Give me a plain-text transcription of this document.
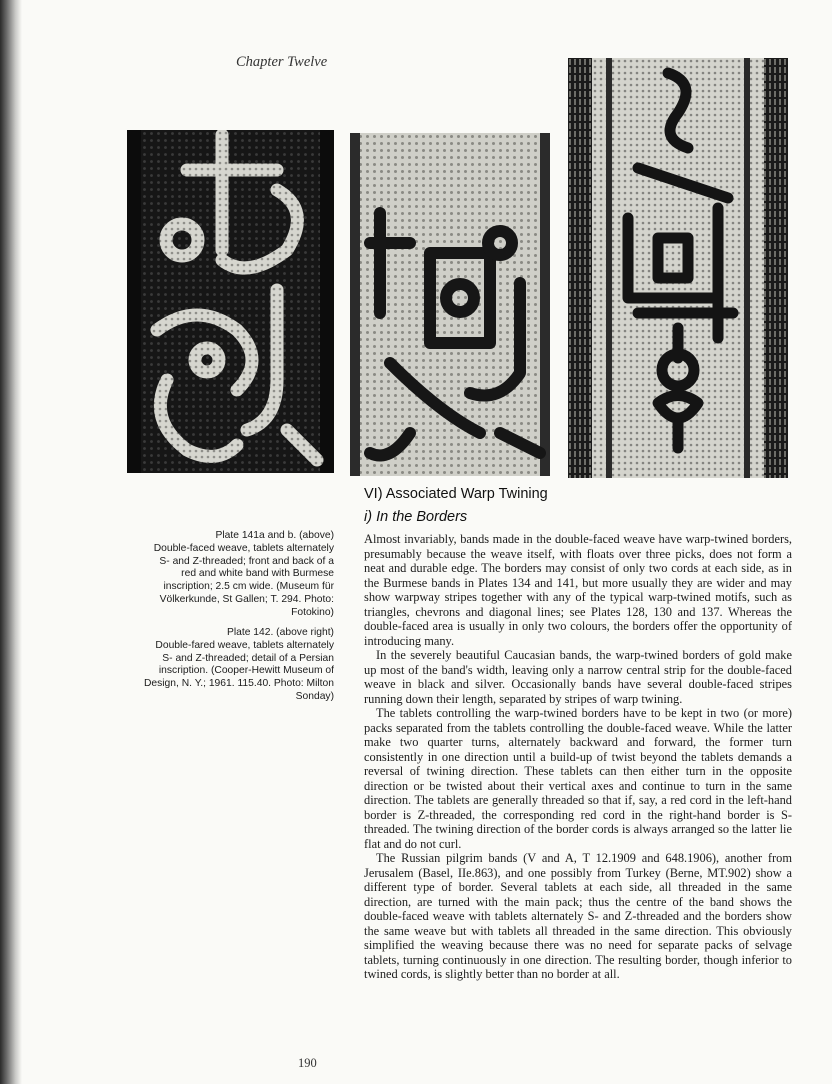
Chapter Twelve
VI) Associated Warp Twining
i) In the Borders

Almost invariably, bands made in the double-faced weave have warp-twined borders, presumably because the weave itself, with floats over three picks, does not form a neat and durable edge. The borders may consist of only two cords at each side, as in the Burmese bands in Plates 134 and 141, but more usually they are wider and may show warpway stripes together with any of the typical warp-twined motifs, such as triangles, chevrons and diagonal lines; see Plates 128, 130 and 137. Whereas the double-faced area is usually in only two colours, the borders offer the opportunity of introducing many.

In the severely beautiful Caucasian bands, the warp-twined borders of gold make up most of the band's width, leaving only a narrow central strip for the double-faced weave in black and silver. Occasionally bands have several double-faced stripes running down their length, separated by stripes of warp twining.

The tablets controlling the warp-twined borders have to be kept in two (or more) packs separated from the tablets controlling the double-faced weave. While the latter make two quarter turns, alternately backward and forward, the former turn consistently in one direction until a build-up of twist beyond the tablets demands a reversal of twining direction. These tablets can then either turn in the opposite direction or be twisted about their vertical axes and continue to turn in the same direction. The tablets are generally threaded so that if, say, a red cord in the left-hand border is Z-threaded, the corresponding red cord in the right-hand border is S-threaded. The twining direction of the border cords is always arranged so the latter lie flat and do not curl.

The Russian pilgrim bands (V and A, T 12.1909 and 648.1906), another from Jerusalem (Basel, IIe.863), and one possibly from Turkey (Berne, MT.902) show a different type of border. Several tablets at each side, all threaded in the same direction, are turned with the main pack; thus the centre of the band shows the double-faced weave with tablets alternately S- and Z-threaded and the borders show the same weave but with tablets all threaded in the same direction. This obviously simplified the weaving because there was no need for separate packs of selvage tablets, turning continuously in one direction. The resulting border, though inferior to twined cords, is slightly better than no border at all.

Plate 141a and b. (above)
Double-faced weave, tablets alternately
S- and Z-threaded; front and back of a
red and white band with Burmese
inscription; 2.5 cm wide. (Museum für
Völkerkunde, St Gallen; T. 294. Photo:
Fotokino)
Plate 142. (above right)
Double-fared weave, tablets alternately
S- and Z-threaded; detail of a Persian
inscription. (Cooper-Hewitt Museum of
Design, N. Y.; 1961. 115.40. Photo: Milton
Sonday)
190
